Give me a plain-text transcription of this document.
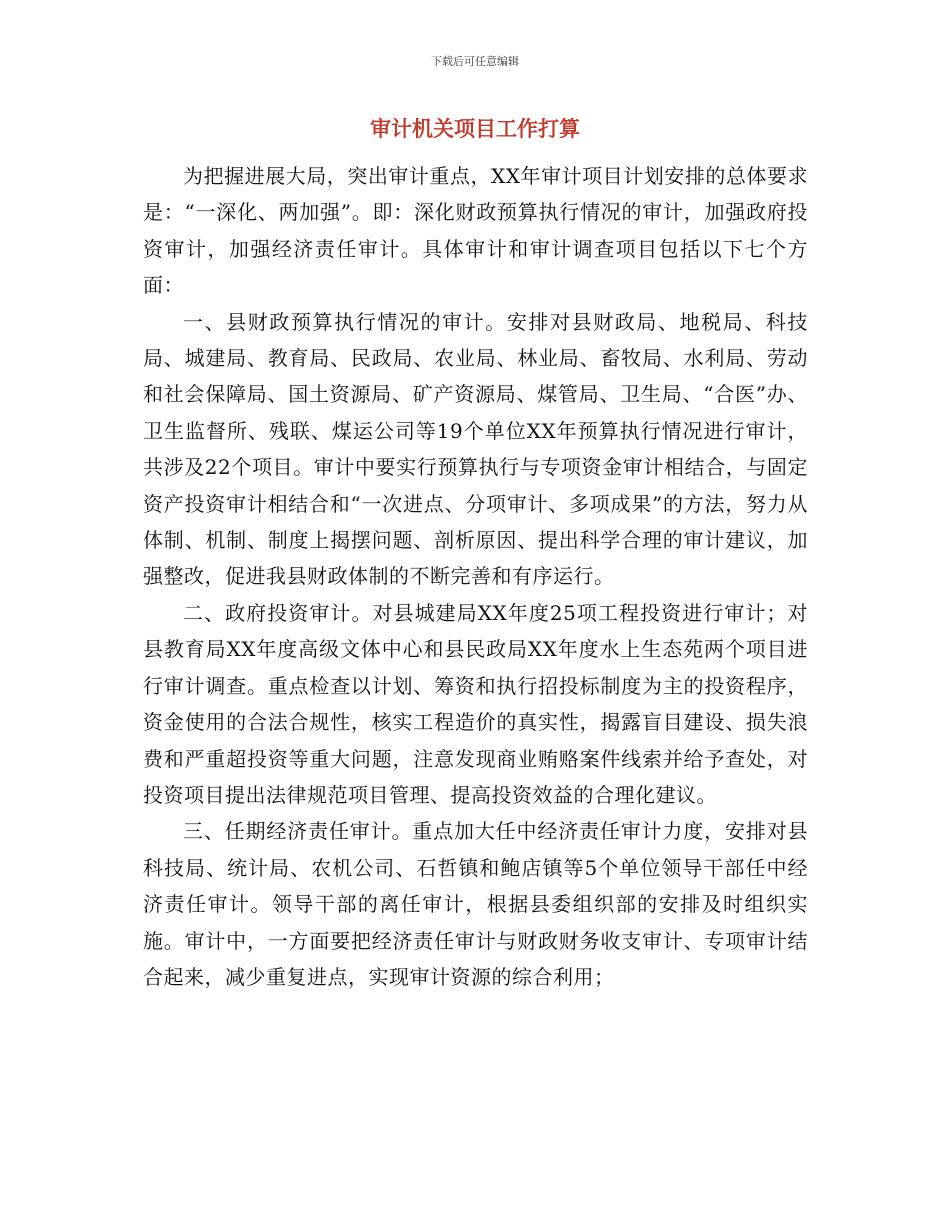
下载后可任意编辑
审计机关项目工作打算

为把握进展大局，突出审计重点，XX年审计项目计划安排的总体要求是：“一深化、两加强”。即：深化财政预算执行情况的审计，加强政府投资审计，加强经济责任审计。具体审计和审计调查项目包括以下七个方面：

一、县财政预算执行情况的审计。安排对县财政局、地税局、科技局、城建局、教育局、民政局、农业局、林业局、畜牧局、水利局、劳动和社会保障局、国土资源局、矿产资源局、煤管局、卫生局、“合医”办、卫生监督所、残联、煤运公司等19个单位XX年预算执行情况进行审计，共涉及22个项目。审计中要实行预算执行与专项资金审计相结合，与固定资产投资审计相结合和“一次进点、分项审计、多项成果”的方法，努力从体制、机制、制度上揭摆问题、剖析原因、提出科学合理的审计建议，加强整改，促进我县财政体制的不断完善和有序运行。

二、政府投资审计。对县城建局XX年度25项工程投资进行审计；对县教育局XX年度高级文体中心和县民政局XX年度水上生态苑两个项目进行审计调查。重点检查以计划、筹资和执行招投标制度为主的投资程序，资金使用的合法合规性，核实工程造价的真实性，揭露盲目建设、损失浪费和严重超投资等重大问题，注意发现商业贿赂案件线索并给予查处，对投资项目提出法律规范项目管理、提高投资效益的合理化建议。

三、任期经济责任审计。重点加大任中经济责任审计力度，安排对县科技局、统计局、农机公司、石哲镇和鲍店镇等5个单位领导干部任中经济责任审计。领导干部的离任审计，根据县委组织部的安排及时组织实施。审计中，一方面要把经济责任审计与财政财务收支审计、专项审计结合起来，减少重复进点，实现审计资源的综合利用；
